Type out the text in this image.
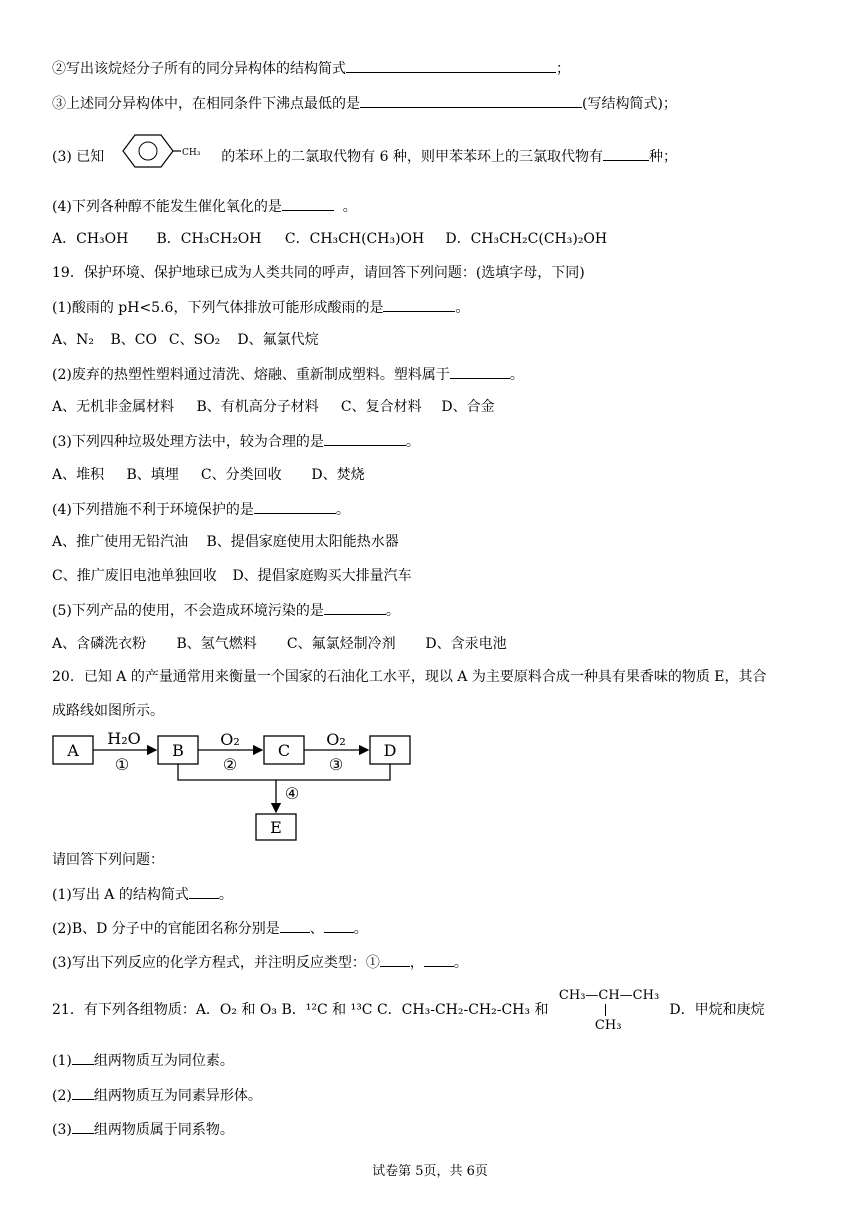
②写出该烷烃分子所有的同分异构体的结构简式	；
③上述同分异构体中，在相同条件下沸点最低的是	(写结构简式)；
(3) 已知	CH₃ 的苯环上的二氯取代物有 6 种，则甲苯苯环上的三氯取代物有	种；
(4)下列各种醇不能发生催化氧化的是	。
A．CH₃OH B．CH₃CH₂OH C．CH₃CH(CH₃)OH D．CH₃CH₂C(CH₃)₂OH
19．保护环境、保护地球已成为人类共同的呼声，请回答下列问题：(选填字母，下同)
(1)酸雨的 pH<5.6，下列气体排放可能形成酸雨的是	。
A、N₂ B、CO C、SO₂ D、氟氯代烷
(2)废弃的热塑性塑料通过清洗、熔融、重新制成塑料。塑料属于	。
A、无机非金属材料 B、有机高分子材料 C、复合材料 D、合金
(3)下列四种垃圾处理方法中，较为合理的是	。
A、堆积 B、填埋 C、分类回收 D、焚烧
(4)下列措施不利于环境保护的是	。
A、推广使用无铅汽油 B、提倡家庭使用太阳能热水器
C、推广废旧电池单独回收 D、提倡家庭购买大排量汽车
(5)下列产品的使用，不会造成环境污染的是	。
A、含磷洗衣粉 B、氢气燃料 C、氟氯烃制冷剂 D、含汞电池
20．已知 A 的产量通常用来衡量一个国家的石油化工水平，现以 A 为主要原料合成一种具有果香味的物质 E，其合
成路线如图所示。
A	B	C	D
E
H₂O	O₂	O₂
①	②	③
④
请回答下列问题：
(1)写出 A 的结构简式 。
(2)B、D 分子中的官能团名称分别是 、 。
(3)写出下列反应的化学方程式，并注明反应类型：① ， 。
21．有下列各组物质：A．O₂ 和 O₃ B．¹²C 和 ¹³C C．CH₃-CH₂-CH₂-CH₃ 和
CH₃—CH—CH₃
CH₃
D．甲烷和庚烷
(1) 组两物质互为同位素。
(2) 组两物质互为同素异形体。
(3) 组两物质属于同系物。
试卷第 5页，共 6页
